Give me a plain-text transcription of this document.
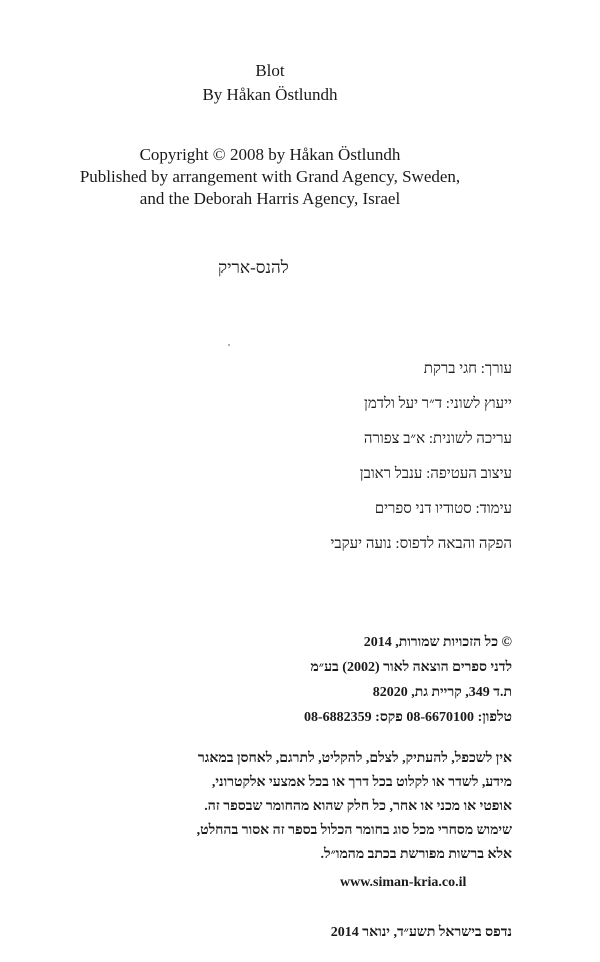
Blot
By Håkan Östlundh
Copyright © 2008 by Håkan Östlundh
Published by arrangement with Grand Agency, Sweden,
and the Deborah Harris Agency, Israel
להנס-אריק
עורך: חגי ברקת
ייעוץ לשוני: ד״ר יעל ולדמן
עריכה לשונית: א״ב צפורה
עיצוב העטיפה: ענבל ראובן
עימוד: סטודיו דני ספרים
הפקה והבאה לדפוס: נועה יעקבי
© כל הזכויות שמורות, 2014
לדני ספרים הוצאה לאור (2002) בע״מ
ת.ד 349, קריית גת, 82020
טלפון: 08-6670100 פקס: 08-6882359
אין לשכפל, להעתיק, לצלם, להקליט, לתרגם, לאחסן במאגר
מידע, לשדר או לקלוט בכל דרך או בכל אמצעי אלקטרוני,
אופטי או מכני או אחר, כל חלק שהוא מהחומר שבספר זה.
שימוש מסחרי מכל סוג בחומר הכלול בספר זה אסור בהחלט,
אלא ברשות מפורשת בכתב מהמו״ל.
www.siman-kria.co.il
נדפס בישראל תשע״ד, ינואר 2014
